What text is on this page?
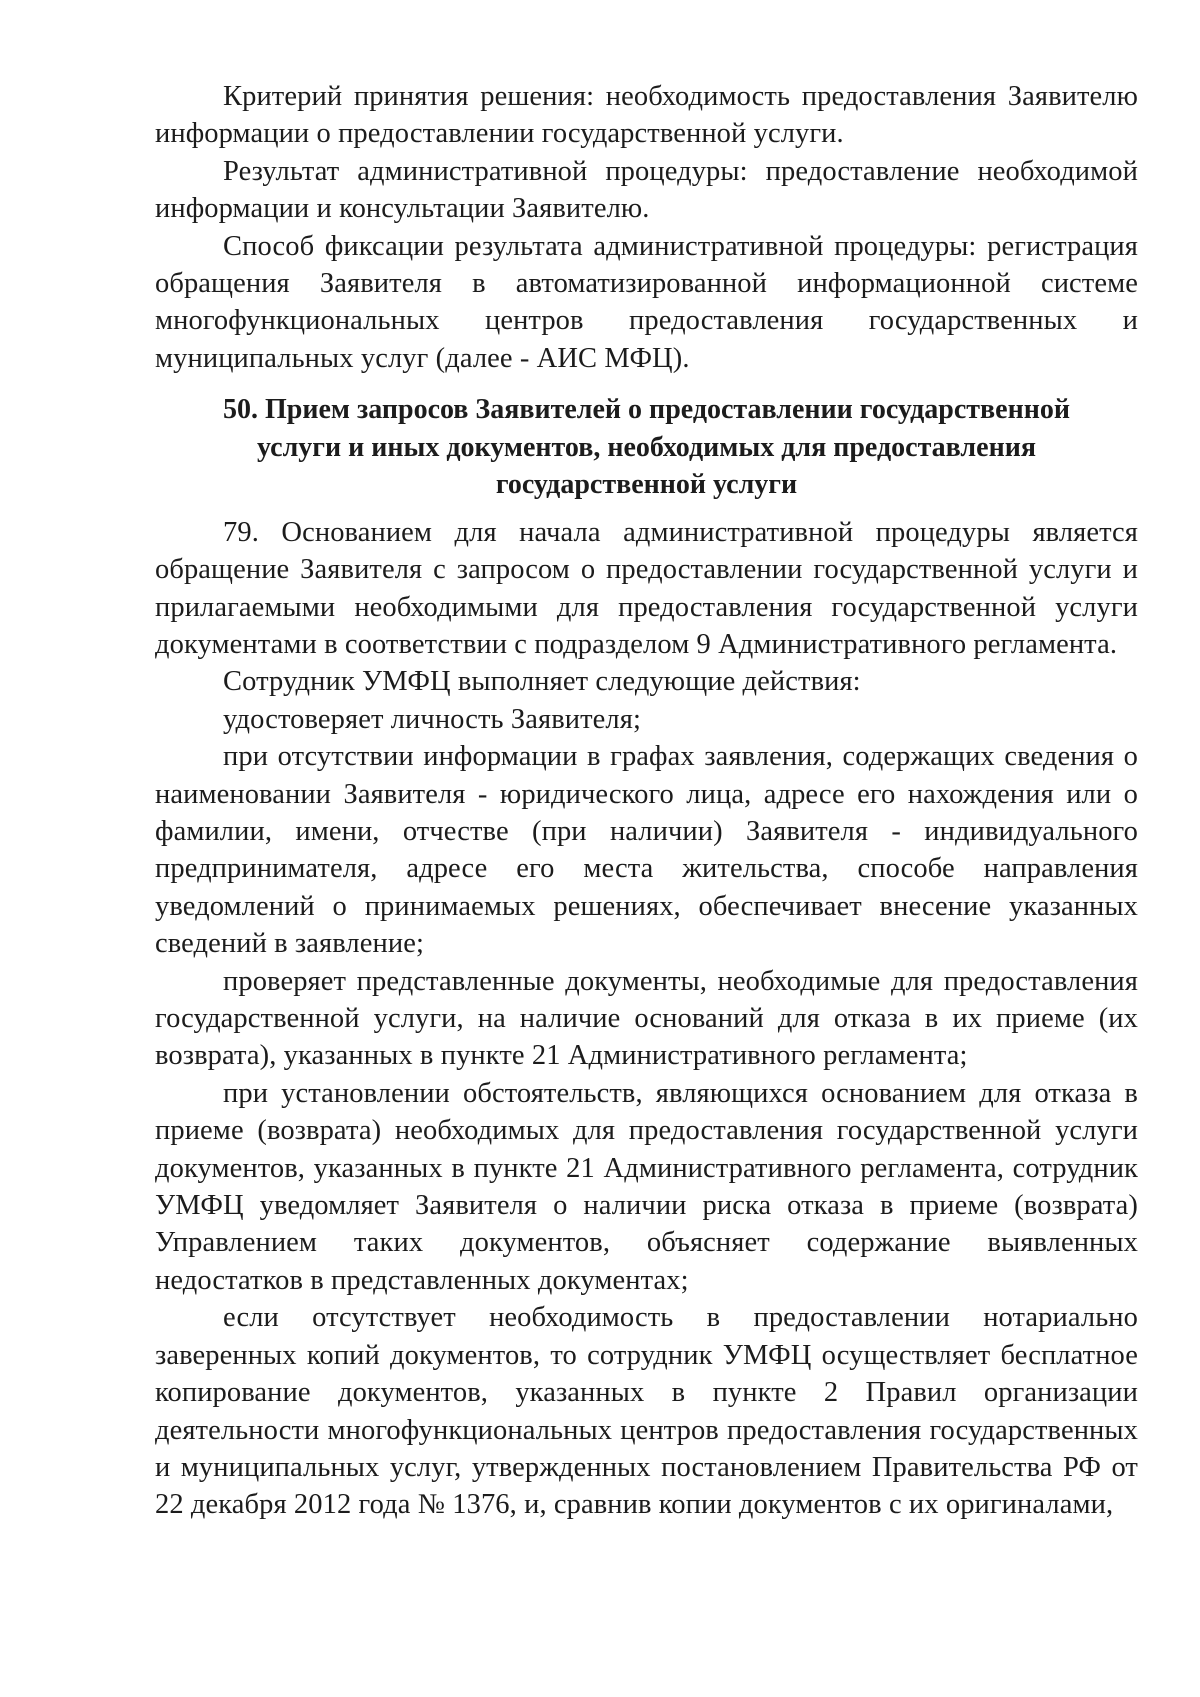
Критерий принятия решения: необходимость предоставления Заявителю информации о предоставлении государственной услуги.

Результат административной процедуры: предоставление необходимой информации и консультации Заявителю.

Способ фиксации результата административной процедуры: регистрация обращения Заявителя в автоматизированной информационной системе многофункциональных центров предоставления государственных и муниципальных услуг (далее - АИС МФЦ).

50. Прием запросов Заявителей о предоставлении государственной
услуги и иных документов, необходимых для предоставления
государственной услуги

79. Основанием для начала административной процедуры является обращение Заявителя с запросом о предоставлении государственной услуги и прилагаемыми необходимыми для предоставления государственной услуги документами в соответствии с подразделом 9 Административного регламента.

Сотрудник УМФЦ выполняет следующие действия:

удостоверяет личность Заявителя;

при отсутствии информации в графах заявления, содержащих сведения о наименовании Заявителя - юридического лица, адресе его нахождения или о фамилии, имени, отчестве (при наличии) Заявителя - индивидуального предпринимателя, адресе его места жительства, способе направления уведомлений о принимаемых решениях, обеспечивает внесение указанных сведений в заявление;

проверяет представленные документы, необходимые для предоставления государственной услуги, на наличие оснований для отказа в их приеме (их возврата), указанных в пункте 21 Административного регламента;

при установлении обстоятельств, являющихся основанием для отказа в приеме (возврата) необходимых для предоставления государственной услуги документов, указанных в пункте 21 Административного регламента, сотрудник УМФЦ уведомляет Заявителя о наличии риска отказа в приеме (возврата) Управлением таких документов, объясняет содержание выявленных недостатков в представленных документах;

если отсутствует необходимость в предоставлении нотариально заверенных копий документов, то сотрудник УМФЦ осуществляет бесплатное копирование документов, указанных в пункте 2 Правил организации деятельности многофункциональных центров предоставления государственных и муниципальных услуг, утвержденных постановлением Правительства РФ от 22 декабря 2012 года № 1376, и, сравнив копии документов с их оригиналами,
